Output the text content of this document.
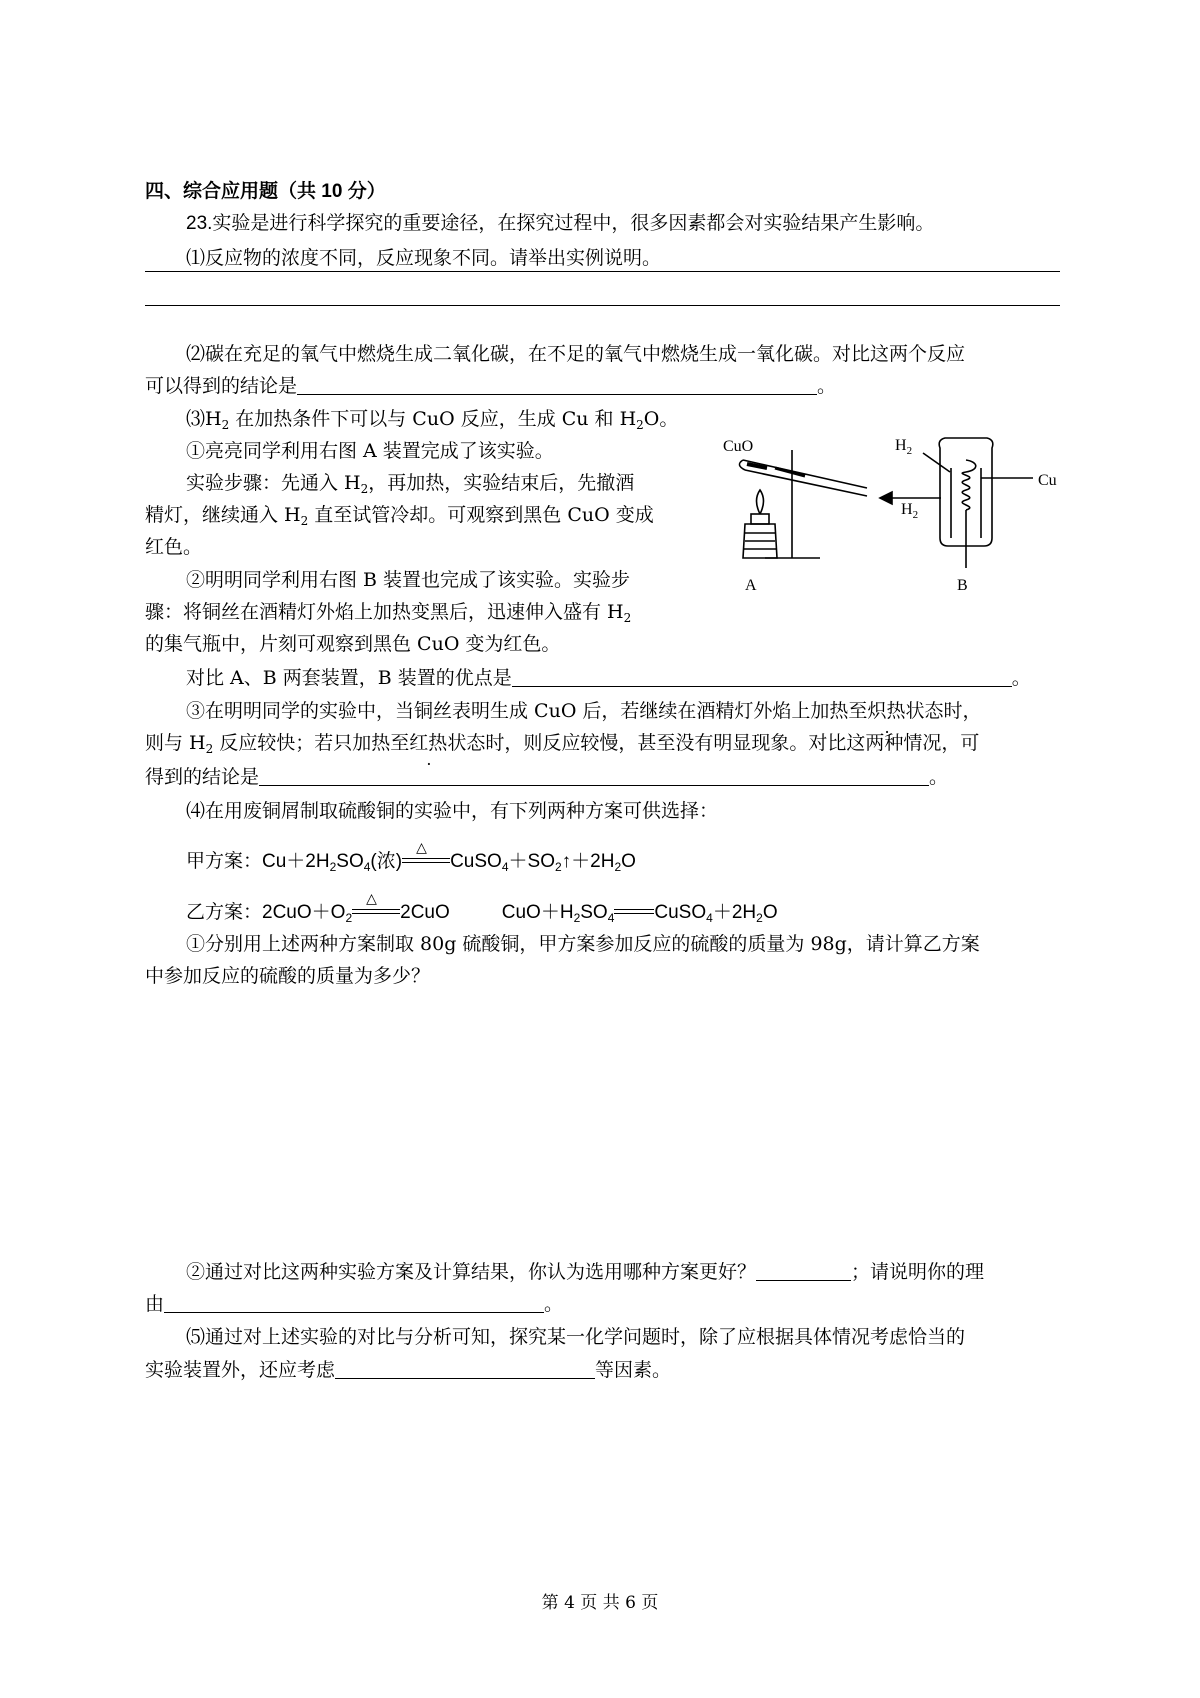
四、综合应用题（共 10 分）
23.实验是进行科学探究的重要途径，在探究过程中，很多因素都会对实验结果产生影响。
⑴反应物的浓度不同，反应现象不同。请举出实例说明。
⑵碳在充足的氧气中燃烧生成二氧化碳，在不足的氧气中燃烧生成一氧化碳。对比这两个反应
可以得到的结论是	。
$⑶H_2$ 在加热条件下可以与 CuO 反应，生成 Cu 和 $H_2O$。
①亮亮同学利用右图 A 装置完成了该实验。
实验步骤：先通入 $H_2$，再加热，实验结束后，先撤酒
精灯，继续通入 $H_2$ 直至试管冷却。可观察到黑色 CuO 变成
红色。
②明明同学利用右图 B 装置也完成了该实验。实验步
骤：将铜丝在酒精灯外焰上加热变黑后，迅速伸入盛有 $H_2$
的集气瓶中，片刻可观察到黑色 CuO 变为红色。
对比 A、B 两套装置，B 装置的优点是	。
③在明明同学的实验中，当铜丝表明生成 CuO 后，若继续在酒精灯外焰上加热至炽热状态时，
则与 $H_2$ 反应较快；若只加热至红热状态时，则反应较慢，甚至没有明显现象。对比这两种情况，可
得到的结论是	。
⑷在用废铜屑制取硫酸铜的实验中，有下列两种方案可供选择：
甲方案：$Cu+2H_2SO_4$(浓)
△
$CuSO_4+SO_2↑+2H_2O$
乙方案：$2CuO+O_2$
△
2CuO	$CuO+H_2SO_4$ $CuSO_4+2H_2O$
①分别用上述两种方案制取 80g 硫酸铜，甲方案参加反应的硫酸的质量为 98g，请计算乙方案
中参加反应的硫酸的质量为多少？
②通过对比这两种实验方案及计算结果，你认为选用哪种方案更好？	；请说明你的理
由	。
⑸通过对上述实验的对比与分析可知，探究某一化学问题时，除了应根据具体情况考虑恰当的
实验装置外，还应考虑	等因素。
CuO	$H_2$
$H_2$
Cu
A	B
第 4 页 共 6 页
